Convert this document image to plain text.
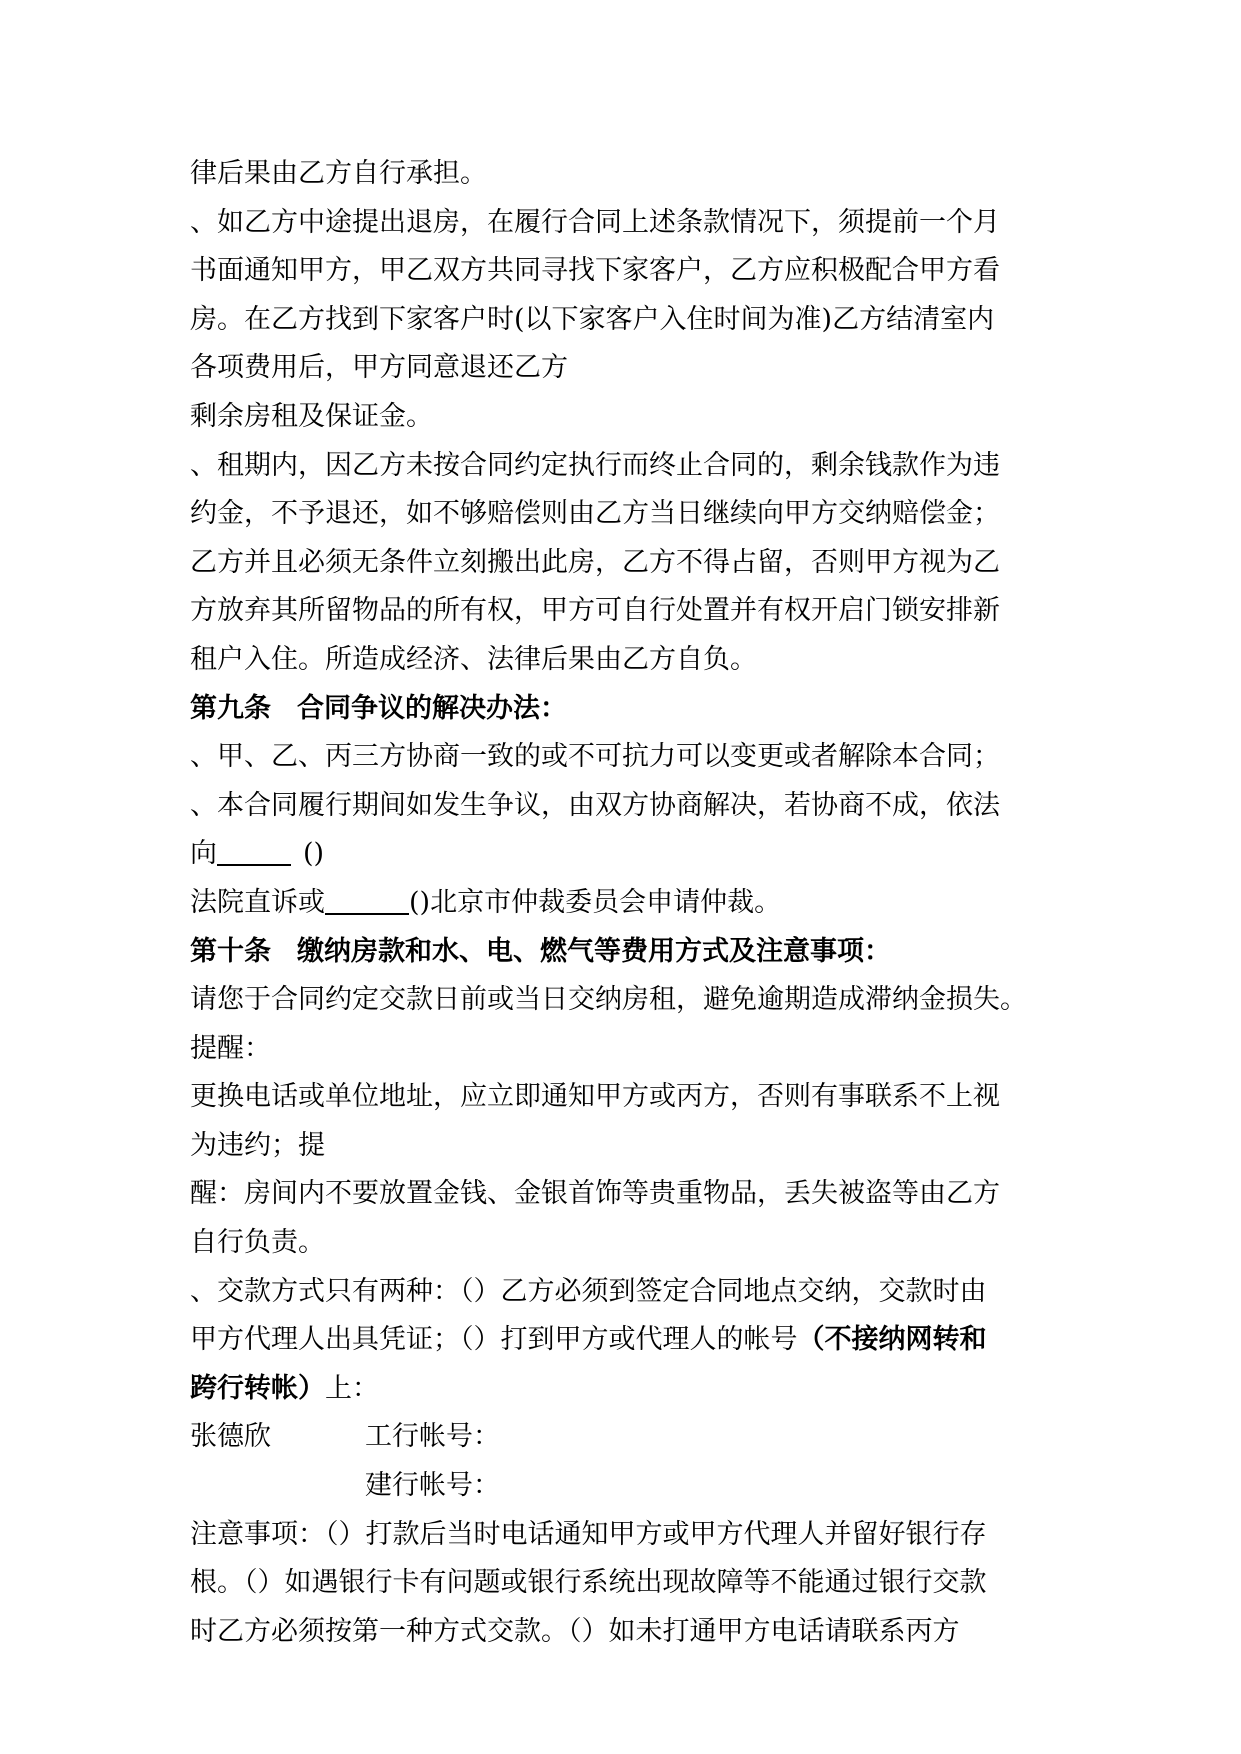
律后果由乙方自行承担。
、如乙方中途提出退房，在履行合同上述条款情况下，须提前一个月
书面通知甲方，甲乙双方共同寻找下家客户，乙方应积极配合甲方看
房。在乙方找到下家客户时(以下家客户入住时间为准)乙方结清室内
各项费用后，甲方同意退还乙方
剩余房租及保证金。
、租期内，因乙方未按合同约定执行而终止合同的，剩余钱款作为违
约金，不予退还，如不够赔偿则由乙方当日继续向甲方交纳赔偿金；
乙方并且必须无条件立刻搬出此房，乙方不得占留，否则甲方视为乙
方放弃其所留物品的所有权，甲方可自行处置并有权开启门锁安排新
租户入住。所造成经济、法律后果由乙方自负。
第九条 合同争议的解决办法：
、甲、乙、丙三方协商一致的或不可抗力可以变更或者解除本合同；
、本合同履行期间如发生争议，由双方协商解决，若协商不成，依法
向	()
法院直诉或	()北京市仲裁委员会申请仲裁。
第十条 缴纳房款和水、电、燃气等费用方式及注意事项：
请您于合同约定交款日前或当日交纳房租，避免逾期造成滞纳金损失。
提醒：
更换电话或单位地址，应立即通知甲方或丙方，否则有事联系不上视
为违约；提
醒：房间内不要放置金钱、金银首饰等贵重物品，丢失被盗等由乙方
自行负责。
、交款方式只有两种：（）乙方必须到签定合同地点交纳，交款时由
甲方代理人出具凭证；（）打到甲方或代理人的帐号（不接纳网转和
跨行转帐）上：
张德欣	工行帐号：
建行帐号：
注意事项：（）打款后当时电话通知甲方或甲方代理人并留好银行存
根。（）如遇银行卡有问题或银行系统出现故障等不能通过银行交款
时乙方必须按第一种方式交款。（）如未打通甲方电话请联系丙方
